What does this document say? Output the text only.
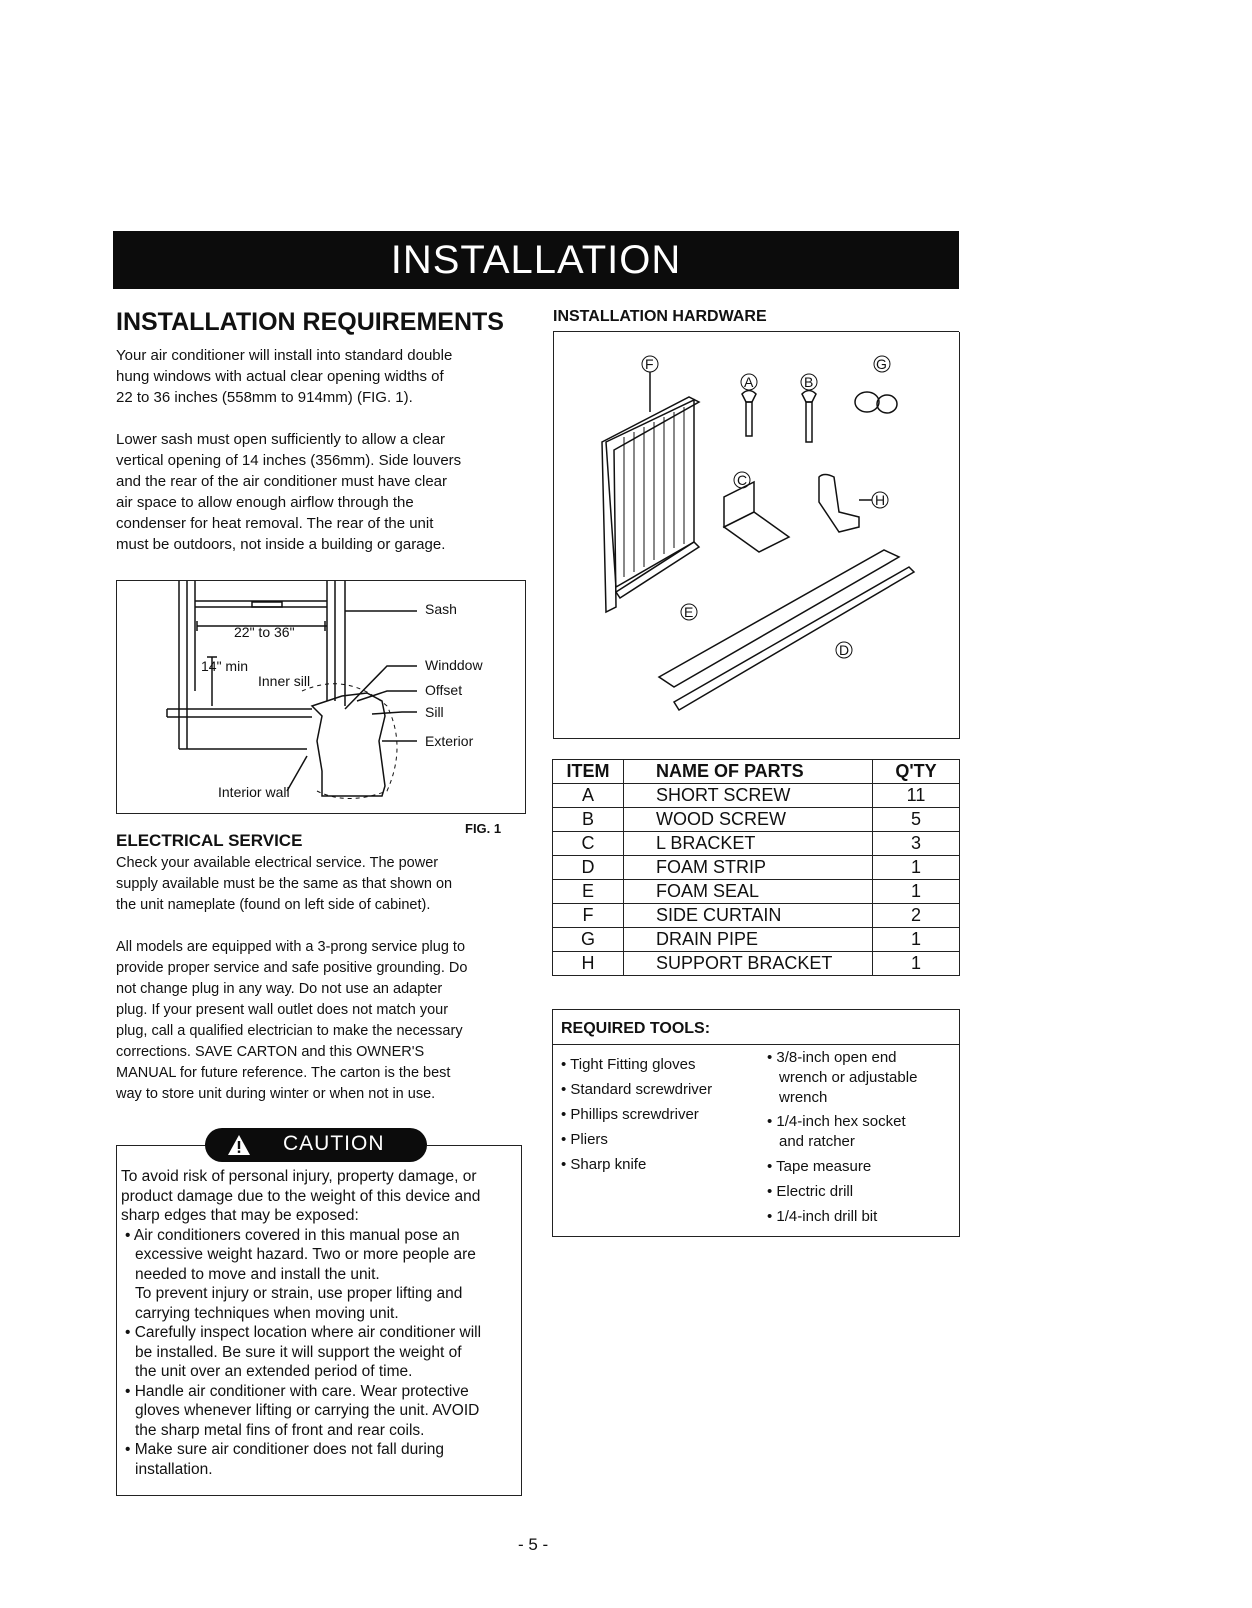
INSTALLATION
INSTALLATION REQUIREMENTS
Your air conditioner will install into standard double
hung windows with actual clear opening widths of
22 to 36 inches (558mm to 914mm) (FIG. 1).
Lower sash must open sufficiently to allow a clear
vertical opening of 14 inches (356mm). Side louvers
and the rear of the air conditioner must have clear
air space to allow enough airflow through the
condenser for heat removal. The rear of the unit
must be outdoors, not inside a building or garage.
Sash
22" to 36"
14" min
Inner sill
Winddow
Offset
Sill
Exterior
Interior wall
FIG. 1
ELECTRICAL SERVICE
Check your available electrical service. The power
supply available must be the same as that shown on
the unit nameplate (found on left side of cabinet).
All models are equipped with a 3-prong service plug to
provide proper service and safe positive grounding. Do
not change plug in any way. Do not use an adapter
plug. If your present wall outlet does not match your
plug, call a qualified electrician to make the necessary
corrections. SAVE CARTON and this OWNER'S
MANUAL for future reference. The carton is the best
way to store unit during winter or when not in use.
To avoid risk of personal injury, property damage, or
product damage due to the weight of this device and
sharp edges that may be exposed:
• Air conditioners covered in this manual pose an
excessive weight hazard. Two or more people are
needed to move and install the unit.
To prevent injury or strain, use proper lifting and
carrying techniques when moving unit.
• Carefully inspect location where air conditioner will
be installed. Be sure it will support the weight of
the unit over an extended period of time.
• Handle air conditioner with care. Wear protective
gloves whenever lifting or carrying the unit. AVOID
the sharp metal fins of front and rear coils.
• Make sure air conditioner does not fall during
installation.
CAUTION
INSTALLATION HARDWARE
F
A	B
G
C
H
E
D
ITEM	NAME OF PARTS	Q'TY
A	SHORT SCREW	11
B	WOOD SCREW	5
C	L BRACKET	3
D	FOAM STRIP	1
E	FOAM SEAL	1
F	SIDE CURTAIN	2
G	DRAIN PIPE	1
H	SUPPORT BRACKET	1
REQUIRED TOOLS:
• Tight Fitting gloves
• Standard screwdriver
• Phillips screwdriver
• Pliers
• Sharp knife
• 3/8-inch open end
wrench or adjustable
wrench
• 1/4-inch hex socket
and ratcher
• Tape measure
• Electric drill
• 1/4-inch drill bit
- 5 -
